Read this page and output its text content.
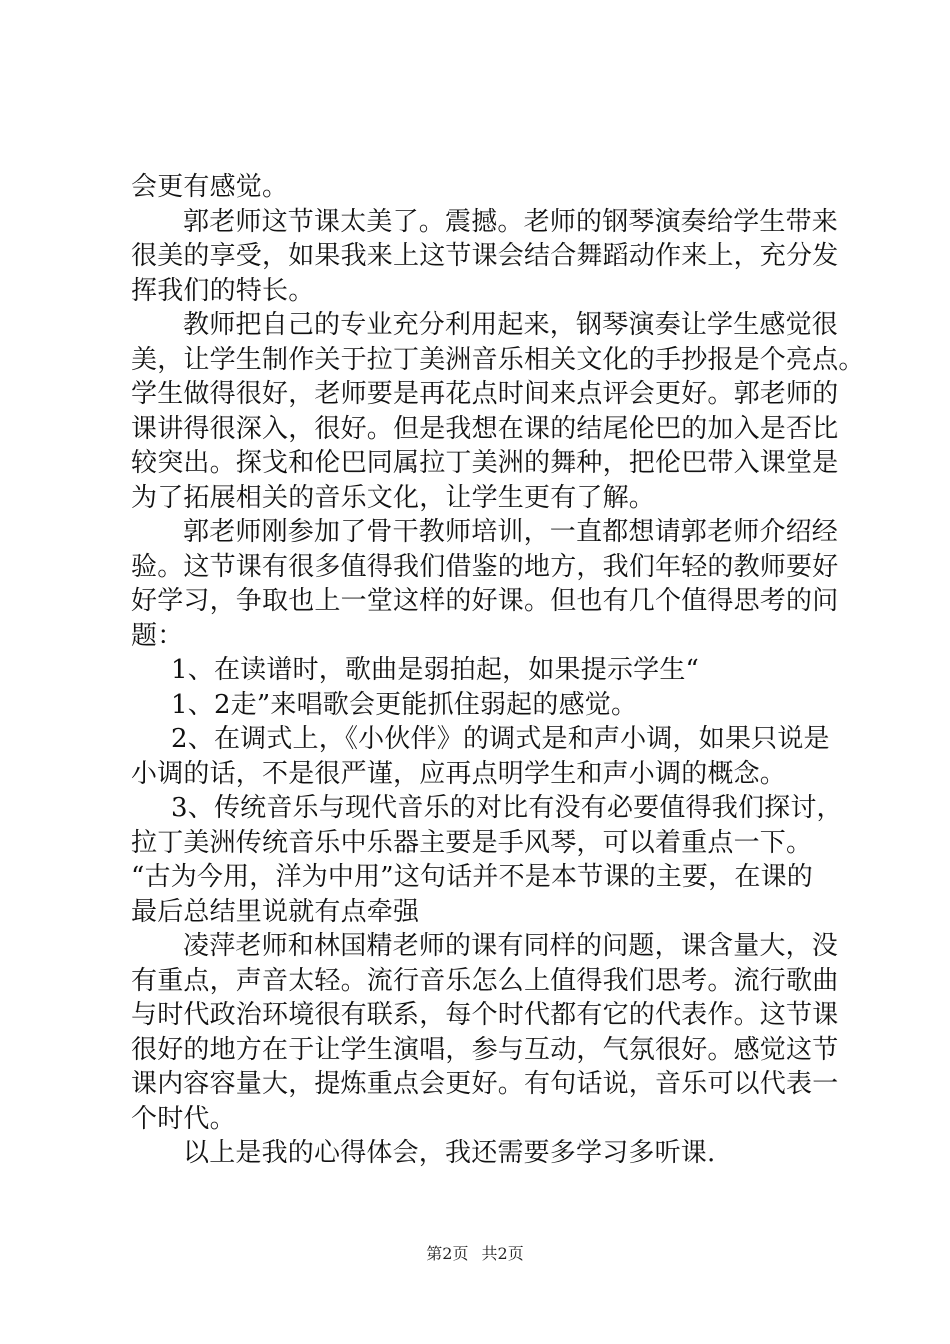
会更有感觉。
郭老师这节课太美了。震撼。老师的钢琴演奏给学生带来
很美的享受，如果我来上这节课会结合舞蹈动作来上，充分发
挥我们的特长。
教师把自己的专业充分利用起来，钢琴演奏让学生感觉很
美，让学生制作关于拉丁美洲音乐相关文化的手抄报是个亮点。
学生做得很好，老师要是再花点时间来点评会更好。郭老师的
课讲得很深入，很好。但是我想在课的结尾伦巴的加入是否比
较突出。探戈和伦巴同属拉丁美洲的舞种，把伦巴带入课堂是
为了拓展相关的音乐文化，让学生更有了解。
郭老师刚参加了骨干教师培训，一直都想请郭老师介绍经
验。这节课有很多值得我们借鉴的地方，我们年轻的教师要好
好学习，争取也上一堂这样的好课。但也有几个值得思考的问
题：
1、在读谱时，歌曲是弱拍起，如果提示学生“
1、2走”来唱歌会更能抓住弱起的感觉。
2、在调式上，《小伙伴》的调式是和声小调，如果只说是
小调的话，不是很严谨，应再点明学生和声小调的概念。
3、传统音乐与现代音乐的对比有没有必要值得我们探讨，
拉丁美洲传统音乐中乐器主要是手风琴，可以着重点一下。
“古为今用，洋为中用”这句话并不是本节课的主要，在课的
最后总结里说就有点牵强
凌萍老师和林国精老师的课有同样的问题，课含量大，没
有重点，声音太轻。流行音乐怎么上值得我们思考。流行歌曲
与时代政治环境很有联系，每个时代都有它的代表作。这节课
很好的地方在于让学生演唱，参与互动，气氛很好。感觉这节
课内容容量大，提炼重点会更好。有句话说，音乐可以代表一
个时代。
以上是我的心得体会，我还需要多学习多听课.
第2页 共2页
